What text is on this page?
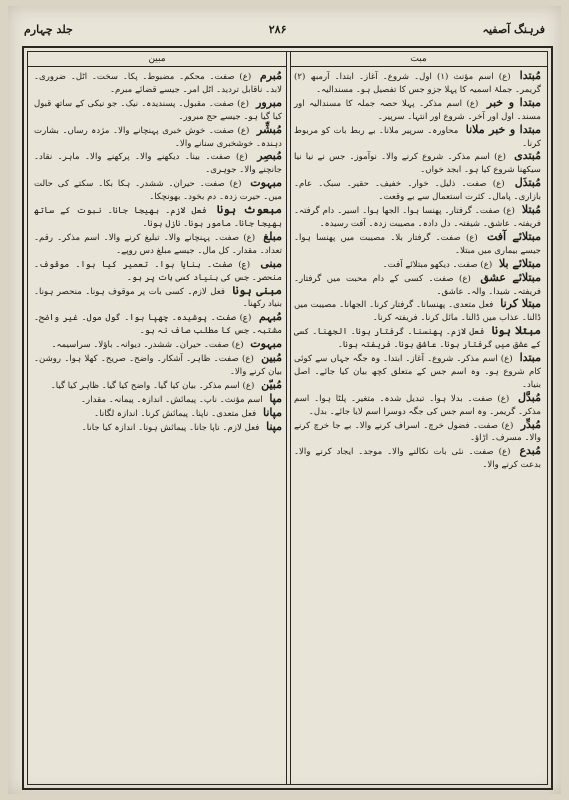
فرہنگ آصفیہ
۲۸۶
جلد چہارم
مبت

مُبتدا (ع) اسم مؤنث (١) اول۔ شروع۔ آغاز۔ ابتدا۔ آرمبھ (٢) گریمر۔ جملۂ اسمیہ کا پہلا جزو جس کا تفصیل ہو۔ مسندالیہ۔

مبتدا و خبر (ع) اسم مذکر۔ پہلا حصہ جملہ کا مسندالیہ اور مسند۔ اول اور آخر۔ شروع اور انتہا۔ سرپیر۔

مبتدا و خبر ملانا محاورہ۔ سرپیر ملانا۔ بے ربط بات کو مربوط کرنا۔

مُبتدی (ع) اسم مذکر۔ شروع کرنے والا۔ نوآموز۔ جس نے نیا نیا سیکھنا شروع کیا ہو۔ ابجد خواں۔

مُبتذَل (ع) صفت۔ ذلیل۔ خوار۔ خفیف۔ حقیر۔ سبک۔ عام۔ بازاری۔ پامال۔ کثرت استعمال سے بے وقعت۔

مُبتلا (ع) صفت۔ گرفتار۔ پھنسا ہوا۔ الجھا ہوا۔ اسیر۔ دام گرفتہ۔ فریفتہ۔ عاشق۔ شیفتہ۔ دل دادہ۔ مصیبت زدہ۔ آفت رسیدہ۔

مبتلائے آفت (ع) صفت۔ گرفتار بلا۔ مصیبت میں پھنسا ہوا۔ جیسے بیماری میں مبتلا۔

مبتلائے بلا (ع) صفت۔ دیکھو مبتلائے آفت۔

مبتلائے عشق (ع) صفت۔ کسی کے دام محبت میں گرفتار۔ فریفتہ۔ شیدا۔ والہ۔ عاشق۔

مبتلا کرنا فعل متعدی۔ پھنسانا۔ گرفتار کرنا۔ الجھانا۔ مصیبت میں ڈالنا۔ عذاب میں ڈالنا۔ مائل کرنا۔ فریفتہ کرنا۔

مبتلا ہونا فعل لازم۔ پھنسنا۔ گرفتار ہونا۔ الجھنا۔ کسی کے عشق میں گرفتار ہونا۔ عاشق ہونا۔ فریفتہ ہونا۔

مبتدا (ع) اسم مذکر۔ شروع۔ آغاز۔ ابتدا۔ وہ جگہ جہاں سے کوئی کام شروع ہو۔ وہ اسم جس کے متعلق کچھ بیان کیا جائے۔ اصل بنیاد۔

مُبدَّل (ع) صفت۔ بدلا ہوا۔ تبدیل شدہ۔ متغیر۔ پلٹا ہوا۔ اسم مذکر۔ گریمر۔ وہ اسم جس کی جگہ دوسرا اسم لایا جائے۔ بدل۔

مُبدِّر (ع) صفت۔ فضول خرچ۔ اسراف کرنے والا۔ بے جا خرچ کرنے والا۔ مسرف۔ اڑاؤ۔

مُبدع (ع) صفت۔ نئی بات نکالنے والا۔ موجد۔ ایجاد کرنے والا۔ بدعت کرنے والا۔

مبین

مُبرم (ع) صفت۔ محکم۔ مضبوط۔ پکا۔ سخت۔ اٹل۔ ضروری۔ لابد۔ ناقابل تردید۔ اٹل امر۔ جیسے قضائے مبرم۔

مبرور (ع) صفت۔ مقبول۔ پسندیدہ۔ نیک۔ جو نیکی کے ساتھ قبول کیا گیا ہو۔ جیسے حج مبرور۔

مُبشِّر (ع) صفت۔ خوش خبری پہنچانے والا۔ مژدہ رساں۔ بشارت دہندہ۔ خوشخبری سنانے والا۔

مُبصِر (ع) صفت۔ بینا۔ دیکھنے والا۔ پرکھنے والا۔ ماہر۔ نقاد۔ جانچنے والا۔ جوہری۔

مبہوت (ع) صفت۔ حیران۔ ششدر۔ ہکا بکا۔ سکتے کی حالت میں۔ حیرت زدہ۔ دم بخود۔ بھونچکا۔

مبعوث ہونا فعل لازم۔ بھیجا جانا۔ نبوت کے ساتھ بھیجا جانا۔ مامور ہونا۔ نازل ہونا۔

مبلغ (ع) صفت۔ پہنچانے والا۔ تبلیغ کرنے والا۔ اسم مذکر۔ رقم۔ تعداد۔ مقدار۔ کل مال۔ جیسے مبلغ دس روپے۔

مبنی (ع) صفت۔ بنایا ہوا۔ تعمیر کیا ہوا۔ موقوف۔ منحصر۔ جس کی بنیاد کسی بات پر ہو۔

مبنی ہونا فعل لازم۔ کسی بات پر موقوف ہونا۔ منحصر ہونا۔ بنیاد رکھنا۔

مُبہم (ع) صفت۔ پوشیدہ۔ چھپا ہوا۔ گول مول۔ غیر واضح۔ مشتبہ۔ جس کا مطلب صاف نہ ہو۔

مبہوت (ع) صفت۔ حیران۔ ششدر۔ دیوانہ۔ باؤلا۔ سراسیمہ۔

مُبین (ع) صفت۔ ظاہر۔ آشکار۔ واضح۔ صریح۔ کھلا ہوا۔ روشن۔ بیان کرنے والا۔

مُبیّن (ع) اسم مذکر۔ بیان کیا گیا۔ واضح کیا گیا۔ ظاہر کیا گیا۔

مپا اسم مؤنث۔ ناپ۔ پیمائش۔ اندازہ۔ پیمانہ۔ مقدار۔

مپانا فعل متعدی۔ ناپنا۔ پیمائش کرنا۔ اندازہ لگانا۔

مپنا فعل لازم۔ ناپا جانا۔ پیمائش ہونا۔ اندازہ کیا جانا۔
